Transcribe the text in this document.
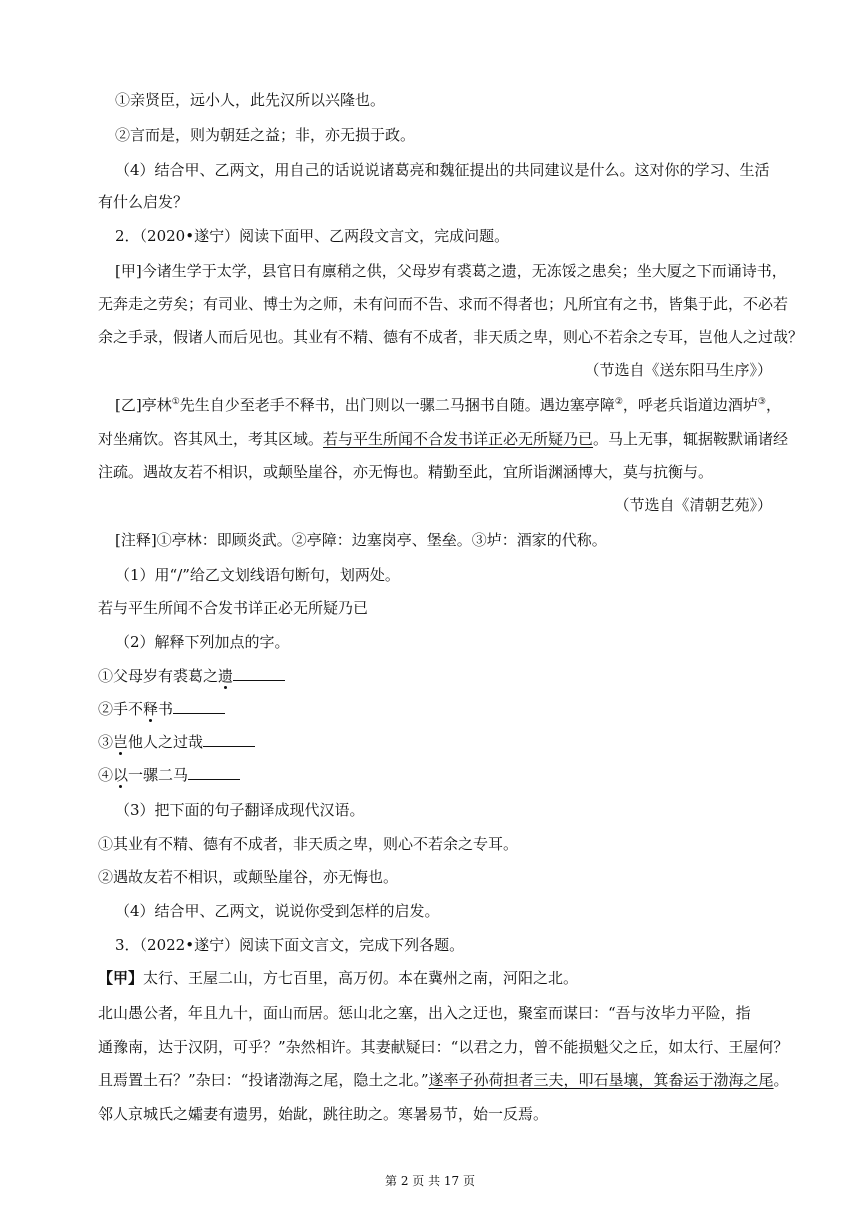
①亲贤臣，远小人，此先汉所以兴隆也。
②言而是，则为朝廷之益；非，亦无损于政。
（4）结合甲、乙两文，用自己的话说说诸葛亮和魏征提出的共同建议是什么。这对你的学习、生活
有什么启发？
2．（2020•遂宁）阅读下面甲、乙两段文言文，完成问题。
[甲]今诸生学于太学，县官日有廪稍之供，父母岁有裘葛之遗，无冻馁之患矣；坐大厦之下而诵诗书，
无奔走之劳矣；有司业、博士为之师，未有问而不告、求而不得者也；凡所宜有之书，皆集于此，不必若
余之手录，假诸人而后见也。其业有不精、德有不成者，非天质之卑，则心不若余之专耳，岂他人之过哉？
（节选自《送东阳马生序》）
[乙]亭林①先生自少至老手不释书，出门则以一骡二马捆书自随。遇边塞亭障②，呼老兵诣道边酒垆③，
对坐痛饮。咨其风土，考其区域。若与平生所闻不合发书详正必无所疑乃已。马上无事，辄据鞍默诵诸经
注疏。遇故友若不相识，或颠坠崖谷，亦无悔也。精勤至此，宜所诣渊涵博大，莫与抗衡与。
（节选自《清朝艺苑》）
[注释]①亭林：即顾炎武。②亭障：边塞岗亭、堡垒。③垆：酒家的代称。
（1）用“/”给乙文划线语句断句，划两处。
若与平生所闻不合发书详正必无所疑乃已
（2）解释下列加点的字。
①父母岁有裘葛之遗
②手不释书
③岂他人之过哉
④以一骡二马
（3）把下面的句子翻译成现代汉语。
①其业有不精、德有不成者，非天质之卑，则心不若余之专耳。
②遇故友若不相识，或颠坠崖谷，亦无悔也。
（4）结合甲、乙两文，说说你受到怎样的启发。
3．（2022•遂宁）阅读下面文言文，完成下列各题。
【甲】太行、王屋二山，方七百里，高万仞。本在冀州之南，河阳之北。
北山愚公者，年且九十，面山而居。惩山北之塞，出入之迂也，聚室而谋曰：“吾与汝毕力平险，指
通豫南，达于汉阴，可乎？”杂然相许。其妻献疑曰：“以君之力，曾不能损魁父之丘，如太行、王屋何？
且焉置土石？”杂曰：“投诸渤海之尾，隐土之北。”遂率子孙荷担者三夫，叩石垦壤，箕畚运于渤海之尾。
邻人京城氏之孀妻有遗男，始龀，跳往助之。寒暑易节，始一反焉。
第 2 页 共 17 页
